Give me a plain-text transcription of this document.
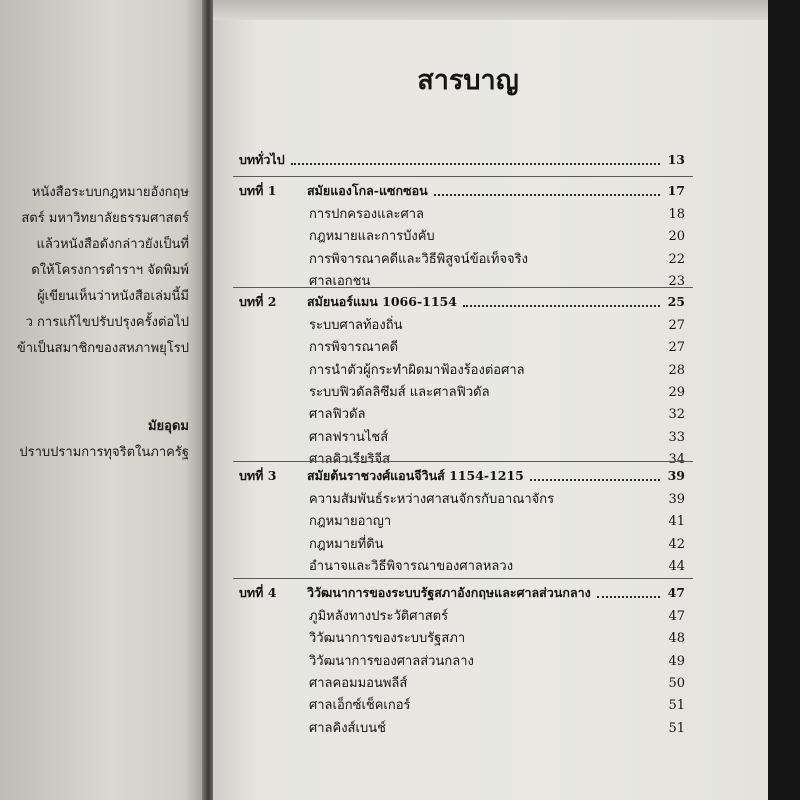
หนังสือระบบกฎหมายอังกฤษ
สตร์ มหาวิทยาลัยธรรมศาสตร์
แล้วหนังสือดังกล่าวยังเป็นที่
ดให้โครงการตำราฯ จัดพิมพ์
ผู้เขียนเห็นว่าหนังสือเล่มนี้มี
ว การแก้ไขปรับปรุงครั้งต่อไป
ข้าเป็นสมาชิกของสหภาพยุโรป
มัยอุดม
ปราบปรามการทุจริตในภาครัฐ
สารบาญ
บททั่วไป	13
บทที่ 1 สมัยแองโกล-แซกซอน	17
การปกครองและศาล	18
กฎหมายและการบังคับ	20
การพิจารณาคดีและวิธีพิสูจน์ข้อเท็จจริง	22
ศาลเอกชน	23
บทที่ 2 สมัยนอร์แมน 1066-1154	25
ระบบศาลท้องถิ่น	27
การพิจารณาคดี	27
การนำตัวผู้กระทำผิดมาฟ้องร้องต่อศาล	28
ระบบฟิวดัลลิซึมส์ และศาลฟิวดัล	29
ศาลฟิวดัล	32
ศาลฟรานไชส์	33
ศาลคิวเรียริจีส	34
บทที่ 3 สมัยต้นราชวงศ์แอนจีวินส์ 1154-1215	39
ความสัมพันธ์ระหว่างศาสนจักรกับอาณาจักร	39
กฎหมายอาญา	41
กฎหมายที่ดิน	42
อำนาจและวิธีพิจารณาของศาลหลวง	44
บทที่ 4 วิวัฒนาการของระบบรัฐสภาอังกฤษและศาลส่วนกลาง	47
ภูมิหลังทางประวัติศาสตร์	47
วิวัฒนาการของระบบรัฐสภา	48
วิวัฒนาการของศาลส่วนกลาง	49
ศาลคอมมอนพลีส์	50
ศาลเอ็กซ์เช็คเกอร์	51
ศาลคิงส์เบนช์	51
